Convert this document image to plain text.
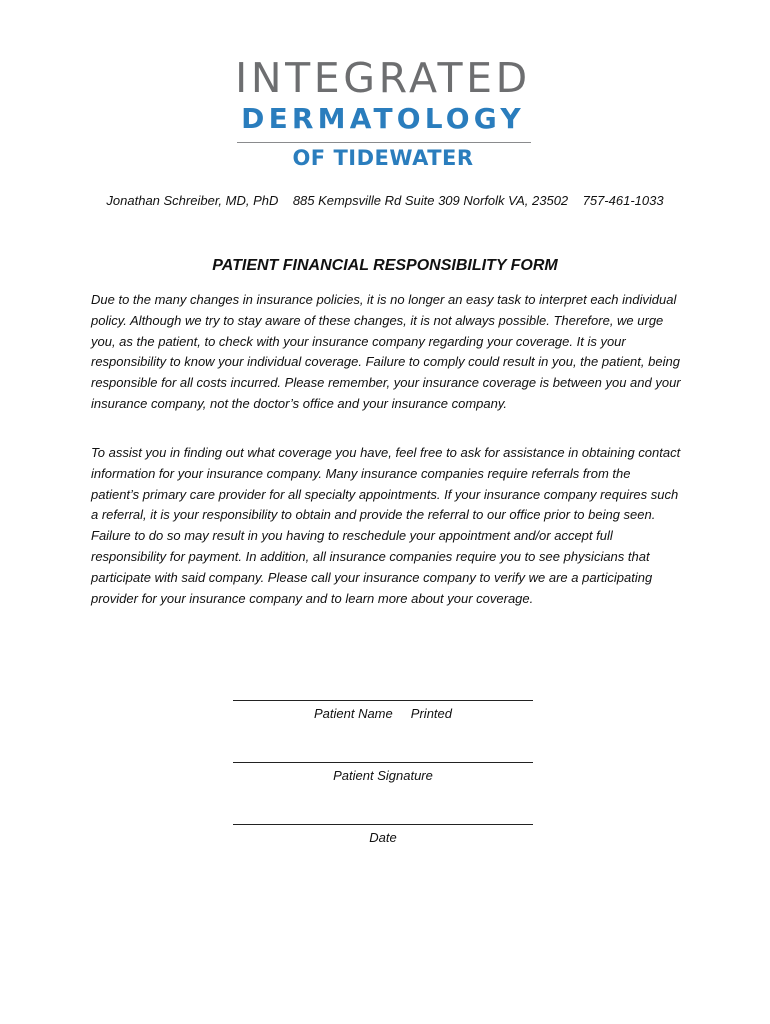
INTEGRATED
DERMATOLOGY
OF TIDEWATER
Jonathan Schreiber, MD, PhD    885 Kempsville Rd Suite 309 Norfolk VA, 23502    757-461-1033
PATIENT FINANCIAL RESPONSIBILITY FORM

Due to the many changes in insurance policies, it is no longer an easy task to interpret each individual policy. Although we try to stay aware of these changes, it is not always possible. Therefore, we urge you, as the patient, to check with your insurance company regarding your coverage. It is your responsibility to know your individual coverage. Failure to comply could result in you, the patient, being responsible for all costs incurred. Please remember, your insurance coverage is between you and your insurance company, not the doctor’s office and your insurance company.

To assist you in finding out what coverage you have, feel free to ask for assistance in obtaining contact information for your insurance company. Many insurance companies require referrals from the patient’s primary care provider for all specialty appointments. If your insurance company requires such a referral, it is your responsibility to obtain and provide the referral to our office prior to being seen. Failure to do so may result in you having to reschedule your appointment and/or accept full responsibility for payment. In addition, all insurance companies require you to see physicians that participate with said company. Please call your insurance company to verify we are a participating provider for your insurance company and to learn more about your coverage.

Patient Name     Printed
Patient Signature
Date
